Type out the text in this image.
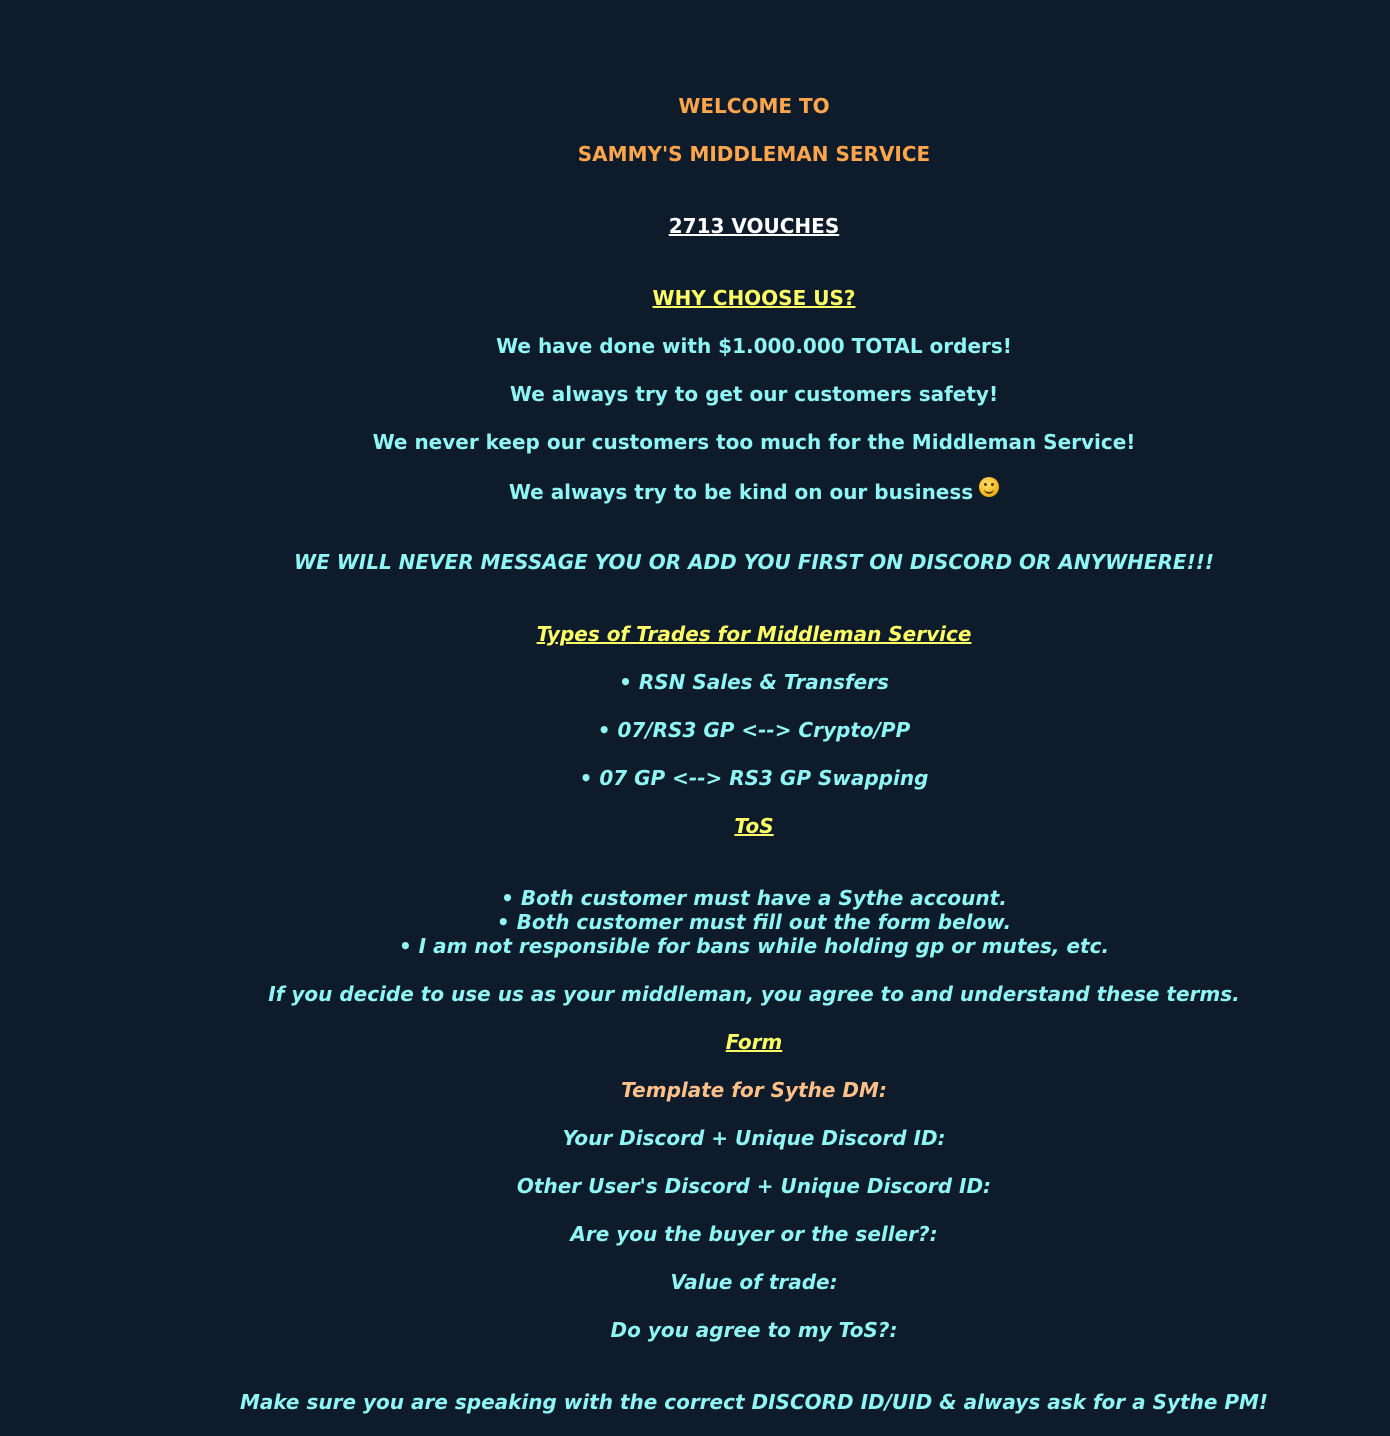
WELCOME TO
SAMMY'S MIDDLEMAN SERVICE
2713 VOUCHES
WHY CHOOSE US?
We have done with $1.000.000 TOTAL orders!
We always try to get our customers safety!
We never keep our customers too much for the Middleman Service!
We always try to be kind on our business
WE WILL NEVER MESSAGE YOU OR ADD YOU FIRST ON DISCORD OR ANYWHERE!!!
Types of Trades for Middleman Service
• RSN Sales & Transfers
• 07/RS3 GP <--> Crypto/PP
• 07 GP <--> RS3 GP Swapping
ToS
• Both customer must have a Sythe account.
• Both customer must fill out the form below.
• I am not responsible for bans while holding gp or mutes, etc.
If you decide to use us as your middleman, you agree to and understand these terms.
Form
Template for Sythe DM:
Your Discord + Unique Discord ID:
Other User's Discord + Unique Discord ID:
Are you the buyer or the seller?:
Value of trade:
Do you agree to my ToS?:
Make sure you are speaking with the correct DISCORD ID/UID & always ask for a Sythe PM!
